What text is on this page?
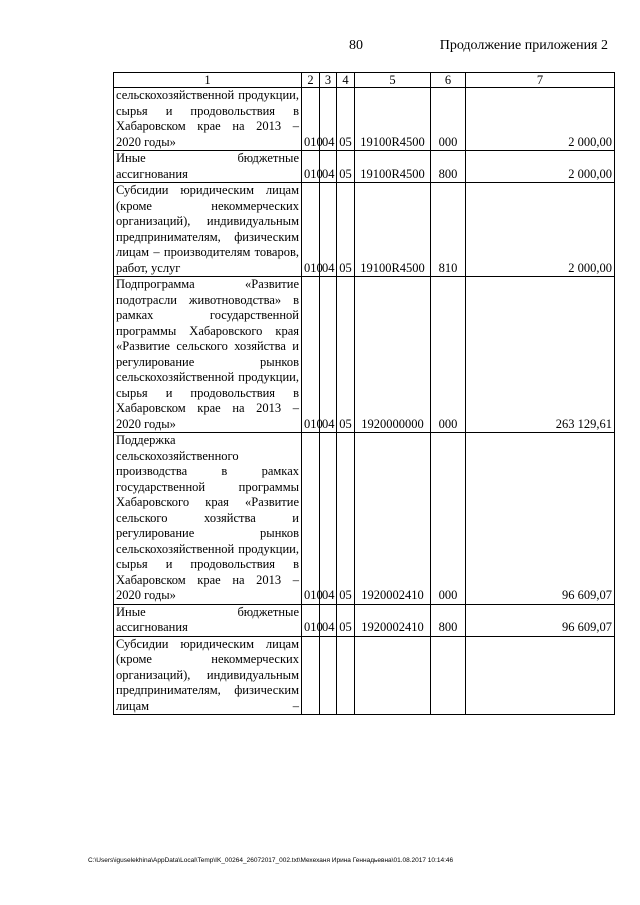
80	Продолжение приложения 2
1	2	3	4	5	6	7

сельскохозяйственной продукции, сырья и продовольствия в Хабаровском крае на 2013 –
2020 годы»	010	04	05	19100R4500	000	2 000,00

Иные бюджетные
ассигнования	010	04	05	19100R4500	800	2 000,00

Субсидии юридическим лицам (кроме некоммерческих организаций), индивидуальным предпринимателям, физическим лицам – производителям товаров,
работ, услуг	010	04	05	19100R4500	810	2 000,00

Подпрограмма «Развитие подотрасли животноводства» в рамках государственной программы Хабаровского края «Развитие сельского хозяйства и регулирование рынков сельскохозяйственной продукции, сырья и продовольствия в Хабаровском крае на 2013 –
2020 годы»	010	04	05	1920000000	000	263 129,61

Поддержка сельскохозяйственного производства в рамках государственной программы Хабаровского края «Развитие сельского хозяйства и регулирование рынков сельскохозяйственной продукции, сырья и продовольствия в Хабаровском крае на 2013 –
2020 годы»	010	04	05	1920002410	000	96 609,07

Иные бюджетные
ассигнования	010	04	05	1920002410	800	96 609,07

Субсидии юридическим лицам (кроме некоммерческих организаций), индивидуальным предпринимателям, физическим лицам –						

C:\Users\iguselekhina\AppData\Local\Temp\IK_00264_26072017_002.txt\Мехеханя Ирина Геннадьевна\01.08.2017 10:14:46
